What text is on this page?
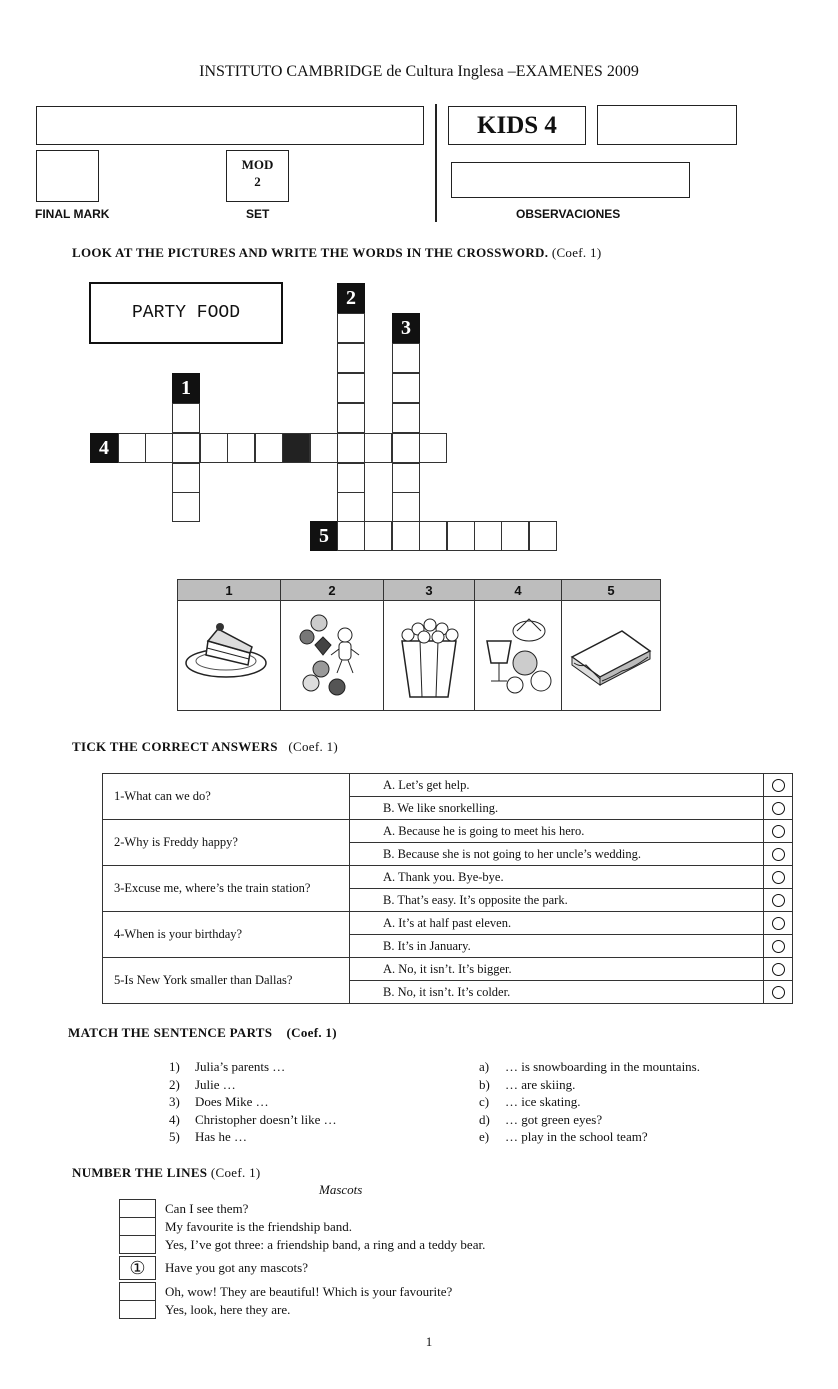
INSTITUTO CAMBRIDGE de Cultura Inglesa –EXAMENES 2009
KIDS 4
MOD
2
FINAL MARK	SET	OBSERVACIONES
LOOK AT THE PICTURES AND WRITE THE WORDS IN THE CROSSWORD. (Coef. 1)
PARTY FOOD
4
1
2
3
5
1	2	3	4	5

TICK THE CORRECT ANSWERS (Coef. 1)
1-What can we do?	A. Let’s get help.	
	B. We like snorkelling.	
2-Why is Freddy happy?	A. Because he is going to meet his hero.	
	B. Because she is not going to her uncle’s wedding.	
3-Excuse me, where’s the train station?	A. Thank you. Bye-bye.	
	B. That’s easy. It’s opposite the park.	
4-When is your birthday?	A. It’s at half past eleven.	
	B. It’s in January.	
5-Is New York smaller than Dallas?	A. No, it isn’t. It’s bigger.	
	B. No, it isn’t. It’s colder.	
MATCH THE SENTENCE PARTS (Coef. 1)
1) Julia’s parents …
2) Julie …
3) Does Mike …
4) Christopher doesn’t like …
5) Has he …
a) … is snowboarding in the mountains.
b) … are skiing.
c) … ice skating.
d) … got green eyes?
e) … play in the school team?
NUMBER THE LINES (Coef. 1)
Mascots
①
Can I see them?
My favourite is the friendship band.
Yes, I’ve got three: a friendship band, a ring and a teddy bear.
Have you got any mascots?
Oh, wow! They are beautiful! Which is your favourite?
Yes, look, here they are.
1
